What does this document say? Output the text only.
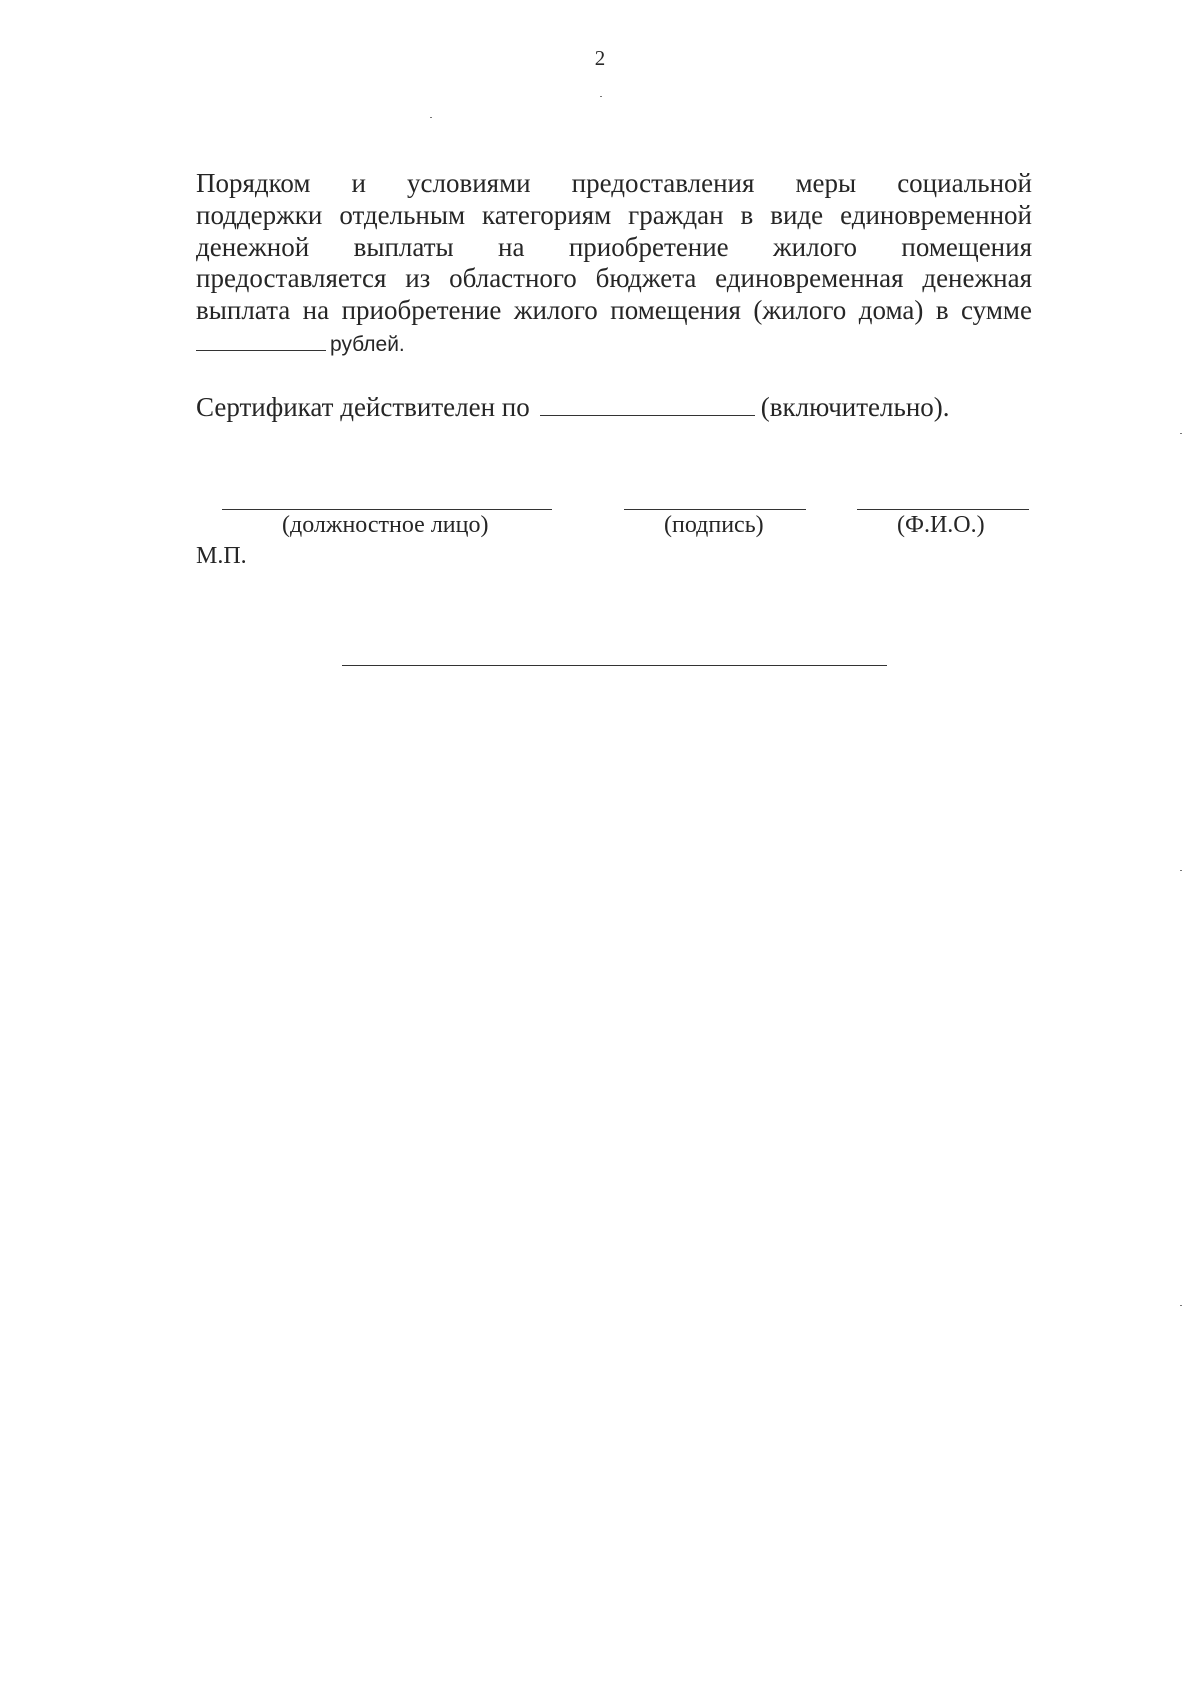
2
Порядком и условиями предоставления меры социальной
поддержки отдельным категориям граждан в виде единовременной
денежной выплаты на приобретение жилого помещения
предоставляется из областного бюджета единовременная денежная
выплата на приобретение жилого помещения (жилого дома) в сумме
рублей.
Сертификат действителен по	(включительно).
(должностное лицо)	(подпись)	(Ф.И.О.)
М.П.
